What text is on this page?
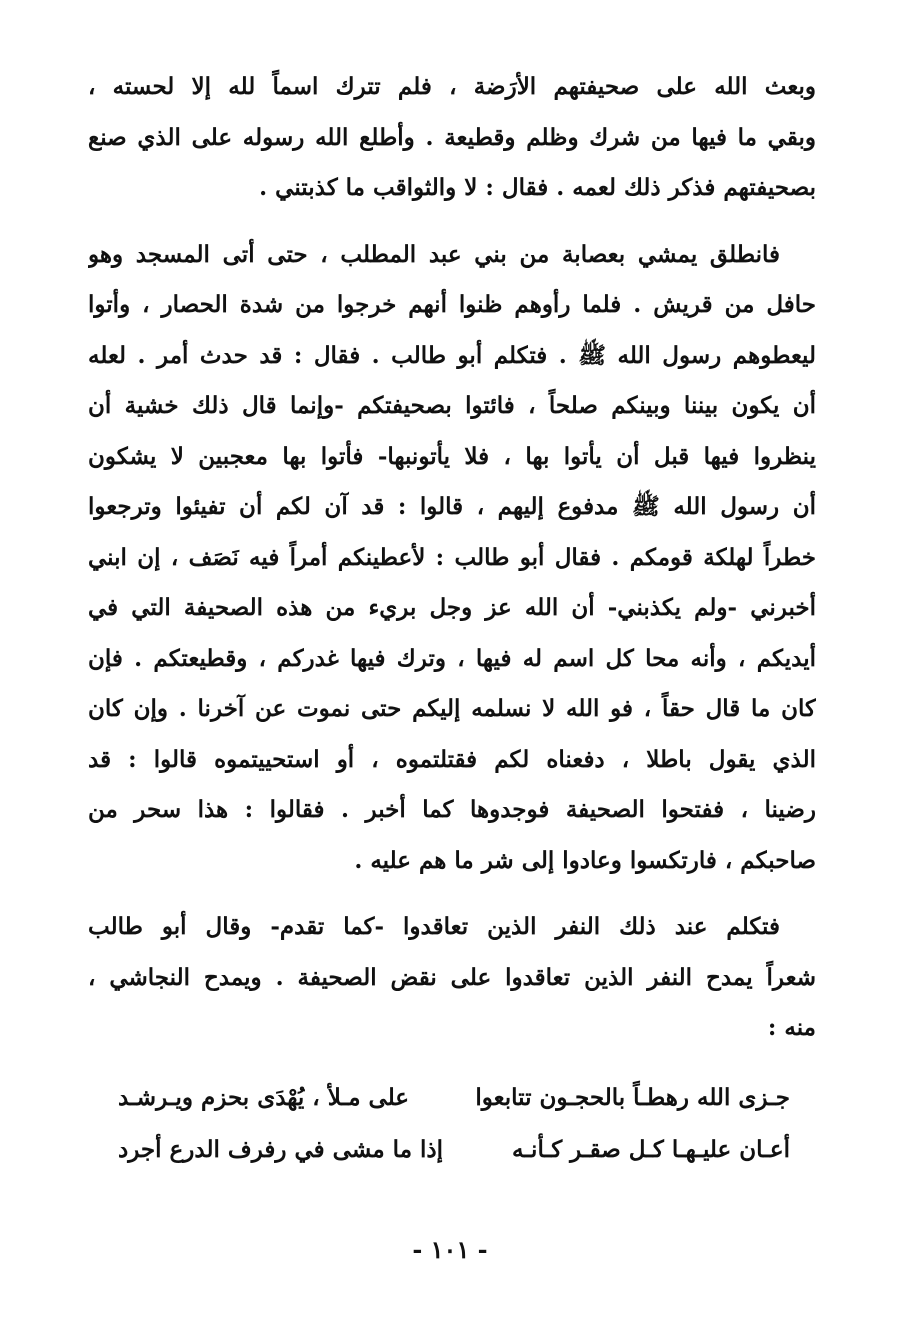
وبعث الله على صحيفتهم الأرَضة ، فلم تترك اسماً لله إلا لحسته ،
وبقي ما فيها من شرك وظلم وقطيعة . وأطلع الله رسوله على الذي صنع
بصحيفتهم فذكر ذلك لعمه . فقال : لا والثواقب ما كذبتني .
فانطلق يمشي بعصابة من بني عبد المطلب ، حتى أتى المسجد وهو
حافل من قريش . فلما رأوهم ظنوا أنهم خرجوا من شدة الحصار ، وأتوا
ليعطوهم رسول الله ﷺ . فتكلم أبو طالب . فقال : قد حدث أمر . لعله
أن يكون بيننا وبينكم صلحاً ، فائتوا بصحيفتكم -وإنما قال ذلك خشية أن
ينظروا فيها قبل أن يأتوا بها ، فلا يأتونبها- فأتوا بها معجبين لا يشكون
أن رسول الله ﷺ مدفوع إليهم ، قالوا : قد آن لكم أن تفيئوا وترجعوا
خطراً لهلكة قومكم . فقال أبو طالب : لأعطينكم أمراً فيه نَصَف ، إن ابني
أخبرني -ولم يكذبني- أن الله عز وجل بريء من هذه الصحيفة التي في
أيديكم ، وأنه محا كل اسم له فيها ، وترك فيها غدركم ، وقطيعتكم . فإن
كان ما قال حقاً ، فو الله لا نسلمه إليكم حتى نموت عن آخرنا . وإن كان
الذي يقول باطلا ، دفعناه لكم فقتلتموه ، أو استحييتموه قالوا : قد
رضينا ، ففتحوا الصحيفة فوجدوها كما أخبر . فقالوا : هذا سحر من
صاحبكم ، فارتكسوا وعادوا إلى شر ما هم عليه .
فتكلم عند ذلك النفر الذين تعاقدوا -كما تقدم- وقال أبو طالب
شعراً يمدح النفر الذين تعاقدوا على نقض الصحيفة . ويمدح النجاشي ،
منه :
جـزى الله رهطـاً بالحجـون تتابعوا
على مـلأ ، يُهْدَى بحزم ويـرشـد
أعـان عليـهـا كـل صقـر كـأنـه
إذا ما مشى في رفرف الدرع أجرد
- ١٠١ -
